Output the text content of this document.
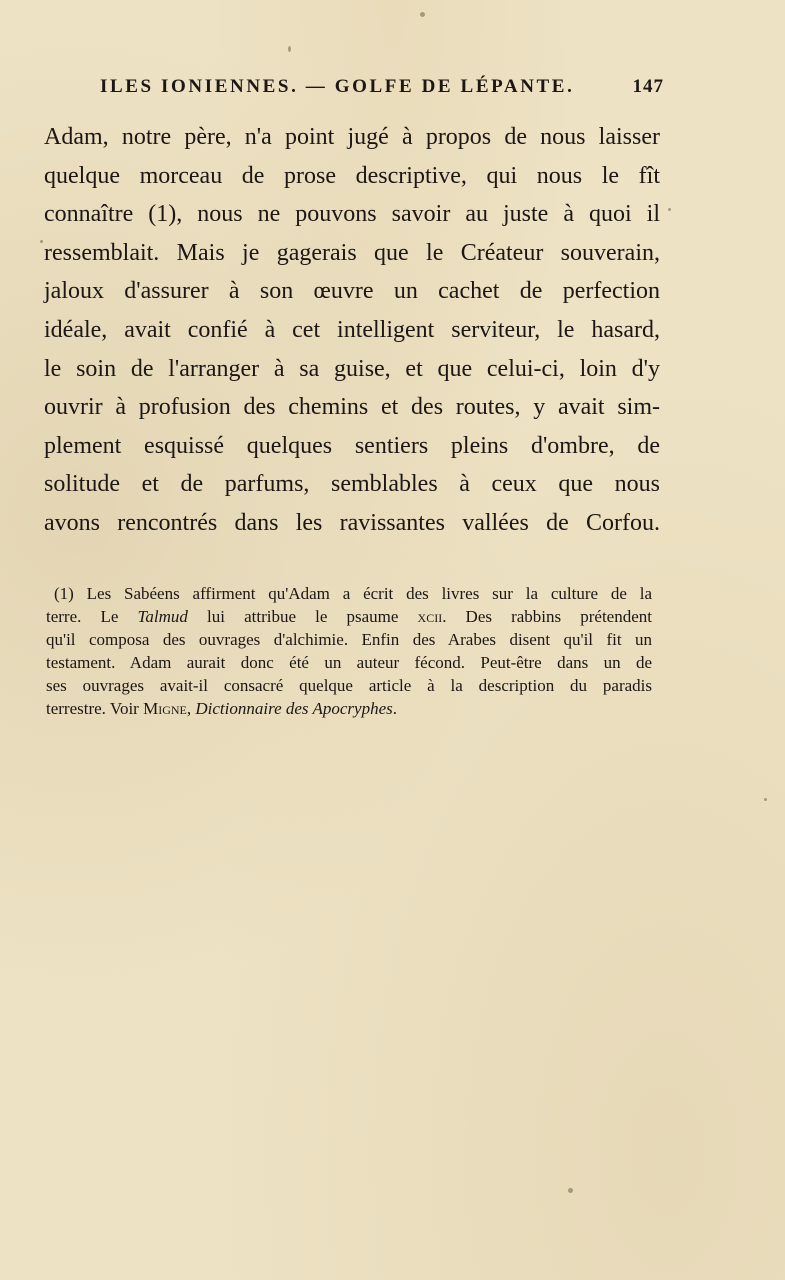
ILES IONIENNES. — GOLFE DE LÉPANTE.	147
Adam, notre père, n'a point jugé à propos de nous laisser
quelque morceau de prose descriptive, qui nous le fît
connaître (1), nous ne pouvons savoir au juste à quoi il
ressemblait. Mais je gagerais que le Créateur souverain,
jaloux d'assurer à son œuvre un cachet de perfection
idéale, avait confié à cet intelligent serviteur, le hasard,
le soin de l'arranger à sa guise, et que celui-ci, loin d'y
ouvrir à profusion des chemins et des routes, y avait sim-
plement esquissé quelques sentiers pleins d'ombre, de
solitude et de parfums, semblables à ceux que nous
avons rencontrés dans les ravissantes vallées de Corfou.
(1) Les Sabéens affirment qu'Adam a écrit des livres sur la culture de la
terre. Le Talmud lui attribue le psaume xcii. Des rabbins prétendent
qu'il composa des ouvrages d'alchimie. Enfin des Arabes disent qu'il fit un
testament. Adam aurait donc été un auteur fécond. Peut-être dans un de
ses ouvrages avait-il consacré quelque article à la description du paradis
terrestre. Voir Migne, Dictionnaire des Apocryphes.
